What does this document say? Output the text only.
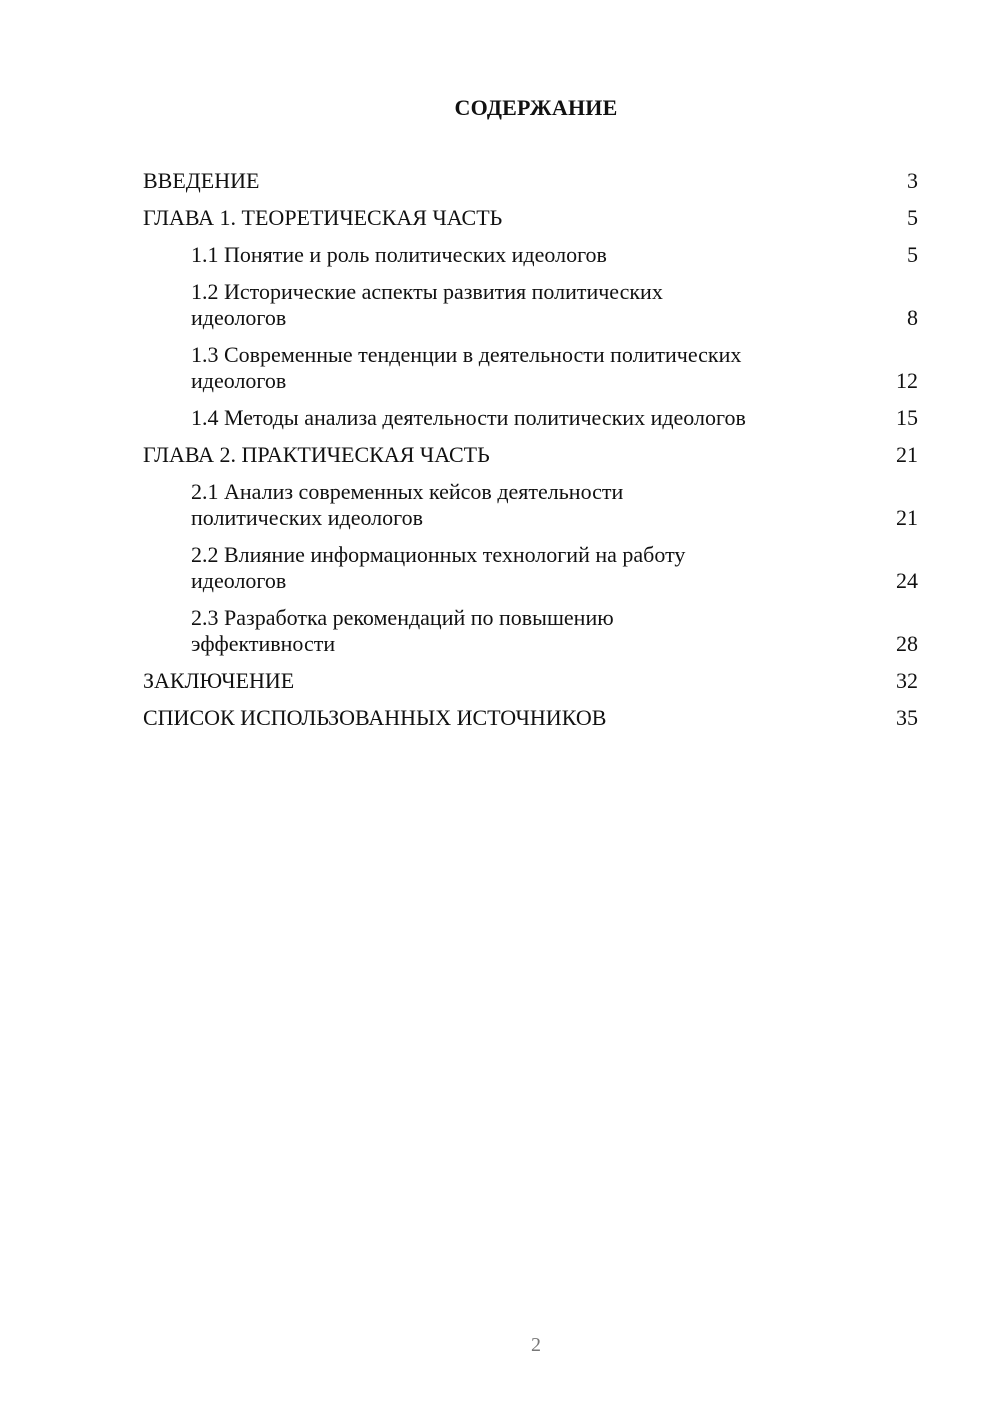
СОДЕРЖАНИЕ
ВВЕДЕНИЕ	3
ГЛАВА 1. ТЕОРЕТИЧЕСКАЯ ЧАСТЬ	5
1.1 Понятие и роль политических идеологов	5
1.2 Исторические аспекты развития политических идеологов	8
1.3 Современные тенденции в деятельности политических идеологов	12
1.4 Методы анализа деятельности политических идеологов	15
ГЛАВА 2. ПРАКТИЧЕСКАЯ ЧАСТЬ	21
2.1 Анализ современных кейсов деятельности политических идеологов	21
2.2 Влияние информационных технологий на работу идеологов	24
2.3 Разработка рекомендаций по повышению эффективности	28
ЗАКЛЮЧЕНИЕ	32
СПИСОК ИСПОЛЬЗОВАННЫХ ИСТОЧНИКОВ	35
2
